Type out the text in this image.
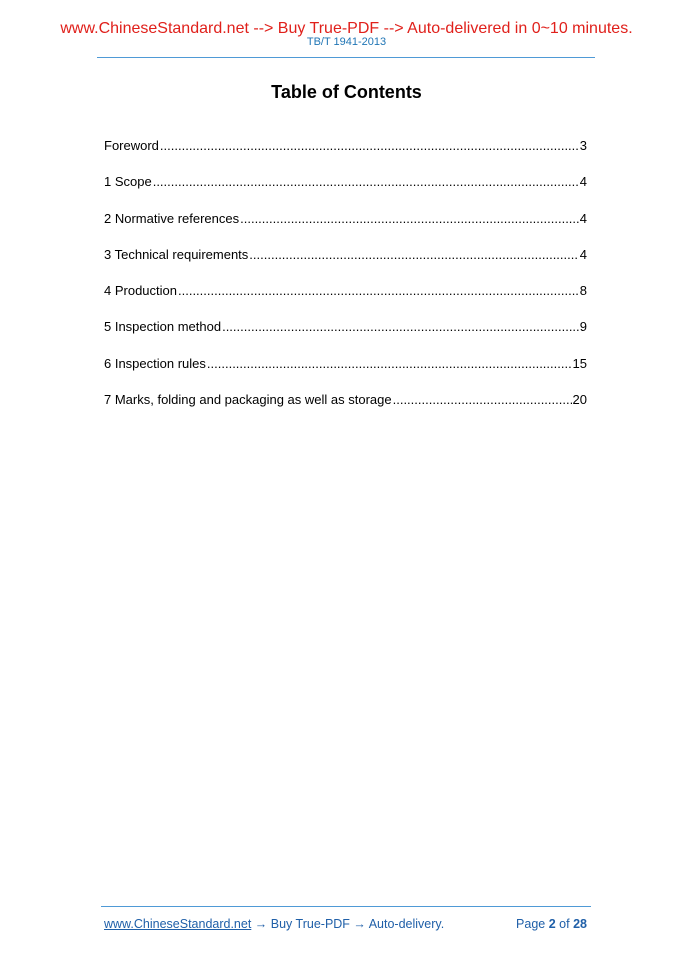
www.ChineseStandard.net --> Buy True-PDF --> Auto-delivered in 0~10 minutes.
TB/T 1941-2013
Table of Contents
Foreword .....	3
1 Scope .....	4
2 Normative references .....	4
3 Technical requirements .....	4
4 Production .....	8
5 Inspection method .....	9
6 Inspection rules .....	15
7 Marks, folding and packaging as well as storage .....	20
www.ChineseStandard.net → Buy True-PDF → Auto-delivery.	Page 2 of 28
